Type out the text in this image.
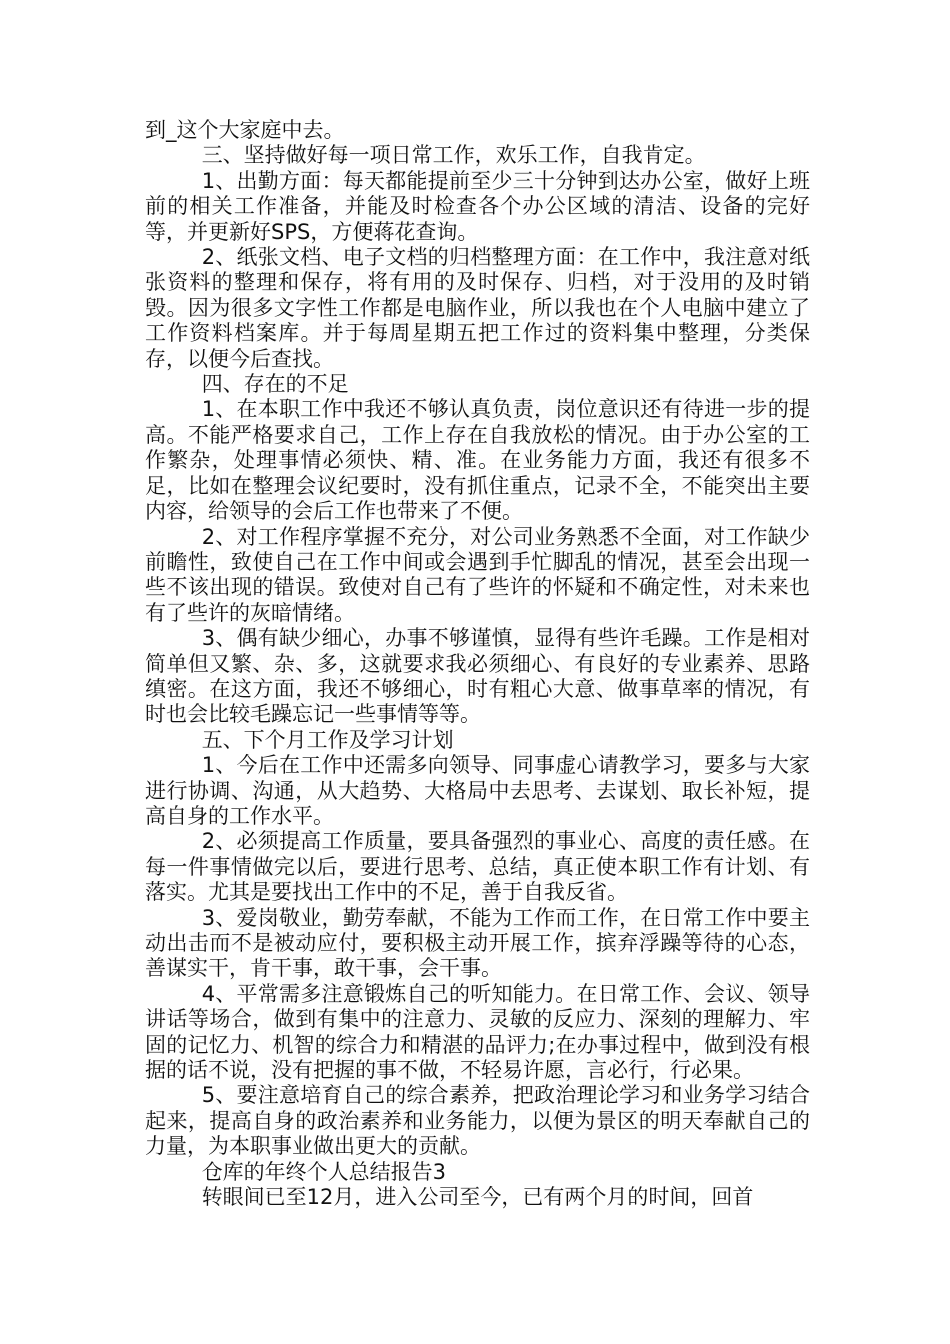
到_这个大家庭中去。

三、坚持做好每一项日常工作，欢乐工作，自我肯定。

1、出勤方面：每天都能提前至少三十分钟到达办公室，做好上班前的相关工作准备，并能及时检查各个办公区域的清洁、设备的完好等，并更新好SPS，方便蒋花查询。

2、纸张文档、电子文档的归档整理方面：在工作中，我注意对纸张资料的整理和保存，将有用的及时保存、归档，对于没用的及时销毁。因为很多文字性工作都是电脑作业，所以我也在个人电脑中建立了工作资料档案库。并于每周星期五把工作过的资料集中整理，分类保存，以便今后查找。

四、存在的不足

1、在本职工作中我还不够认真负责，岗位意识还有待进一步的提高。不能严格要求自己，工作上存在自我放松的情况。由于办公室的工作繁杂，处理事情必须快、精、准。在业务能力方面，我还有很多不足，比如在整理会议纪要时，没有抓住重点，记录不全，不能突出主要内容，给领导的会后工作也带来了不便。

2、对工作程序掌握不充分，对公司业务熟悉不全面，对工作缺少前瞻性，致使自己在工作中间或会遇到手忙脚乱的情况，甚至会出现一些不该出现的错误。致使对自己有了些许的怀疑和不确定性，对未来也有了些许的灰暗情绪。

3、偶有缺少细心，办事不够谨慎，显得有些许毛躁。工作是相对简单但又繁、杂、多，这就要求我必须细心、有良好的专业素养、思路缜密。在这方面，我还不够细心，时有粗心大意、做事草率的情况，有时也会比较毛躁忘记一些事情等等。

五、下个月工作及学习计划

1、今后在工作中还需多向领导、同事虚心请教学习，要多与大家进行协调、沟通，从大趋势、大格局中去思考、去谋划、取长补短，提高自身的工作水平。

2、必须提高工作质量，要具备强烈的事业心、高度的责任感。在每一件事情做完以后，要进行思考、总结，真正使本职工作有计划、有落实。尤其是要找出工作中的不足，善于自我反省。

3、爱岗敬业，勤劳奉献，不能为工作而工作，在日常工作中要主动出击而不是被动应付，要积极主动开展工作，摈弃浮躁等待的心态，善谋实干，肯干事，敢干事，会干事。

4、平常需多注意锻炼自己的听知能力。在日常工作、会议、领导讲话等场合，做到有集中的注意力、灵敏的反应力、深刻的理解力、牢固的记忆力、机智的综合力和精湛的品评力;在办事过程中，做到没有根据的话不说，没有把握的事不做，不轻易许愿，言必行，行必果。

5、要注意培育自己的综合素养，把政治理论学习和业务学习结合起来，提高自身的政治素养和业务能力，以便为景区的明天奉献自己的力量，为本职事业做出更大的贡献。

仓库的年终个人总结报告3

转眼间已至12月，进入公司至今，已有两个月的时间，回首
